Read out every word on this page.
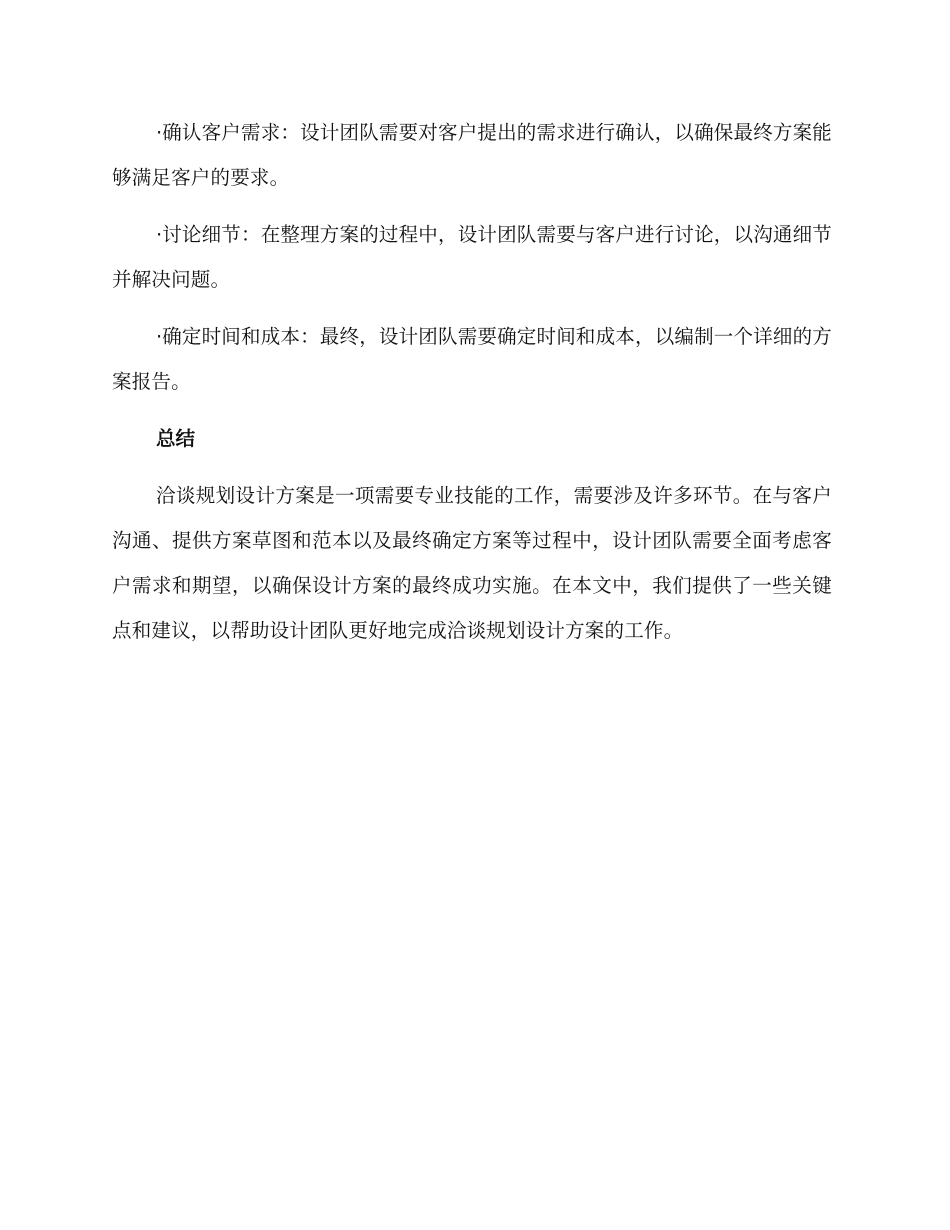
·确认客户需求：设计团队需要对客户提出的需求进行确认，以确保最终方案能够满足客户的要求。

·讨论细节：在整理方案的过程中，设计团队需要与客户进行讨论，以沟通细节并解决问题。

·确定时间和成本：最终，设计团队需要确定时间和成本，以编制一个详细的方案报告。

总结

洽谈规划设计方案是一项需要专业技能的工作，需要涉及许多环节。在与客户沟通、提供方案草图和范本以及最终确定方案等过程中，设计团队需要全面考虑客户需求和期望，以确保设计方案的最终成功实施。在本文中，我们提供了一些关键点和建议，以帮助设计团队更好地完成洽谈规划设计方案的工作。
